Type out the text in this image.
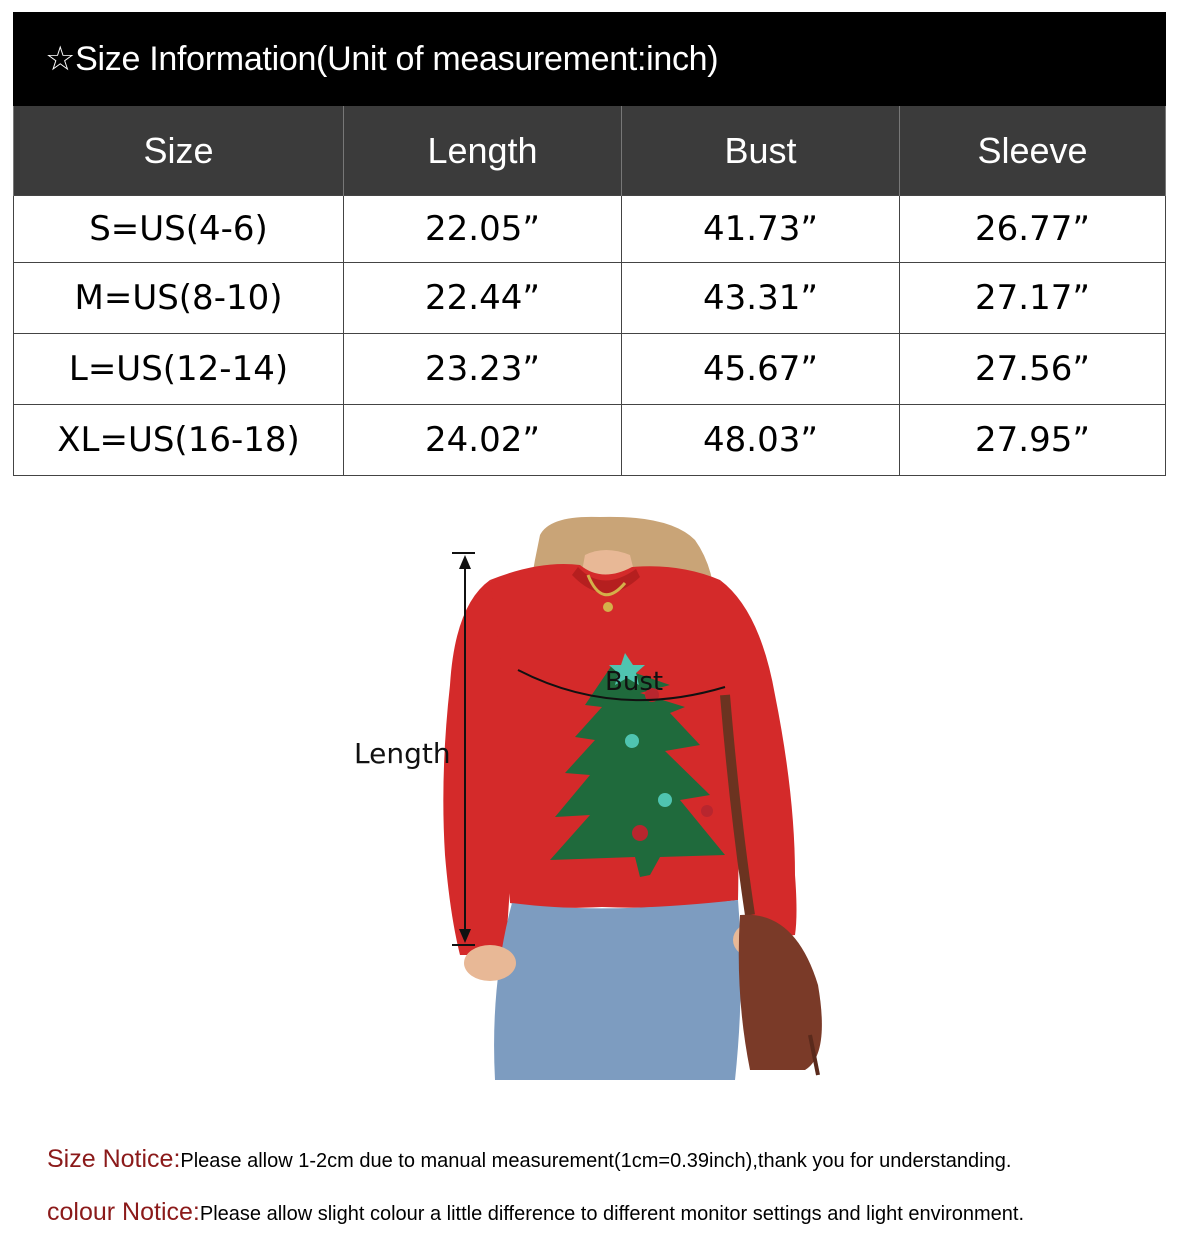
☆Size Information(Unit of measurement:inch)
Size	Length	Bust	Sleeve
S=US(4-6)	22.05”	41.73”	26.77”
M=US(8-10)	22.44”	43.31”	27.17”
L=US(12-14)	23.23”	45.67”	27.56”
XL=US(16-18)	24.02”	48.03”	27.95”
Bust
Length
Size Notice:Please allow 1-2cm due to manual measurement(1cm=0.39inch),thank you for understanding.
colour Notice:Please allow slight colour a little difference to different monitor settings and light environment.
